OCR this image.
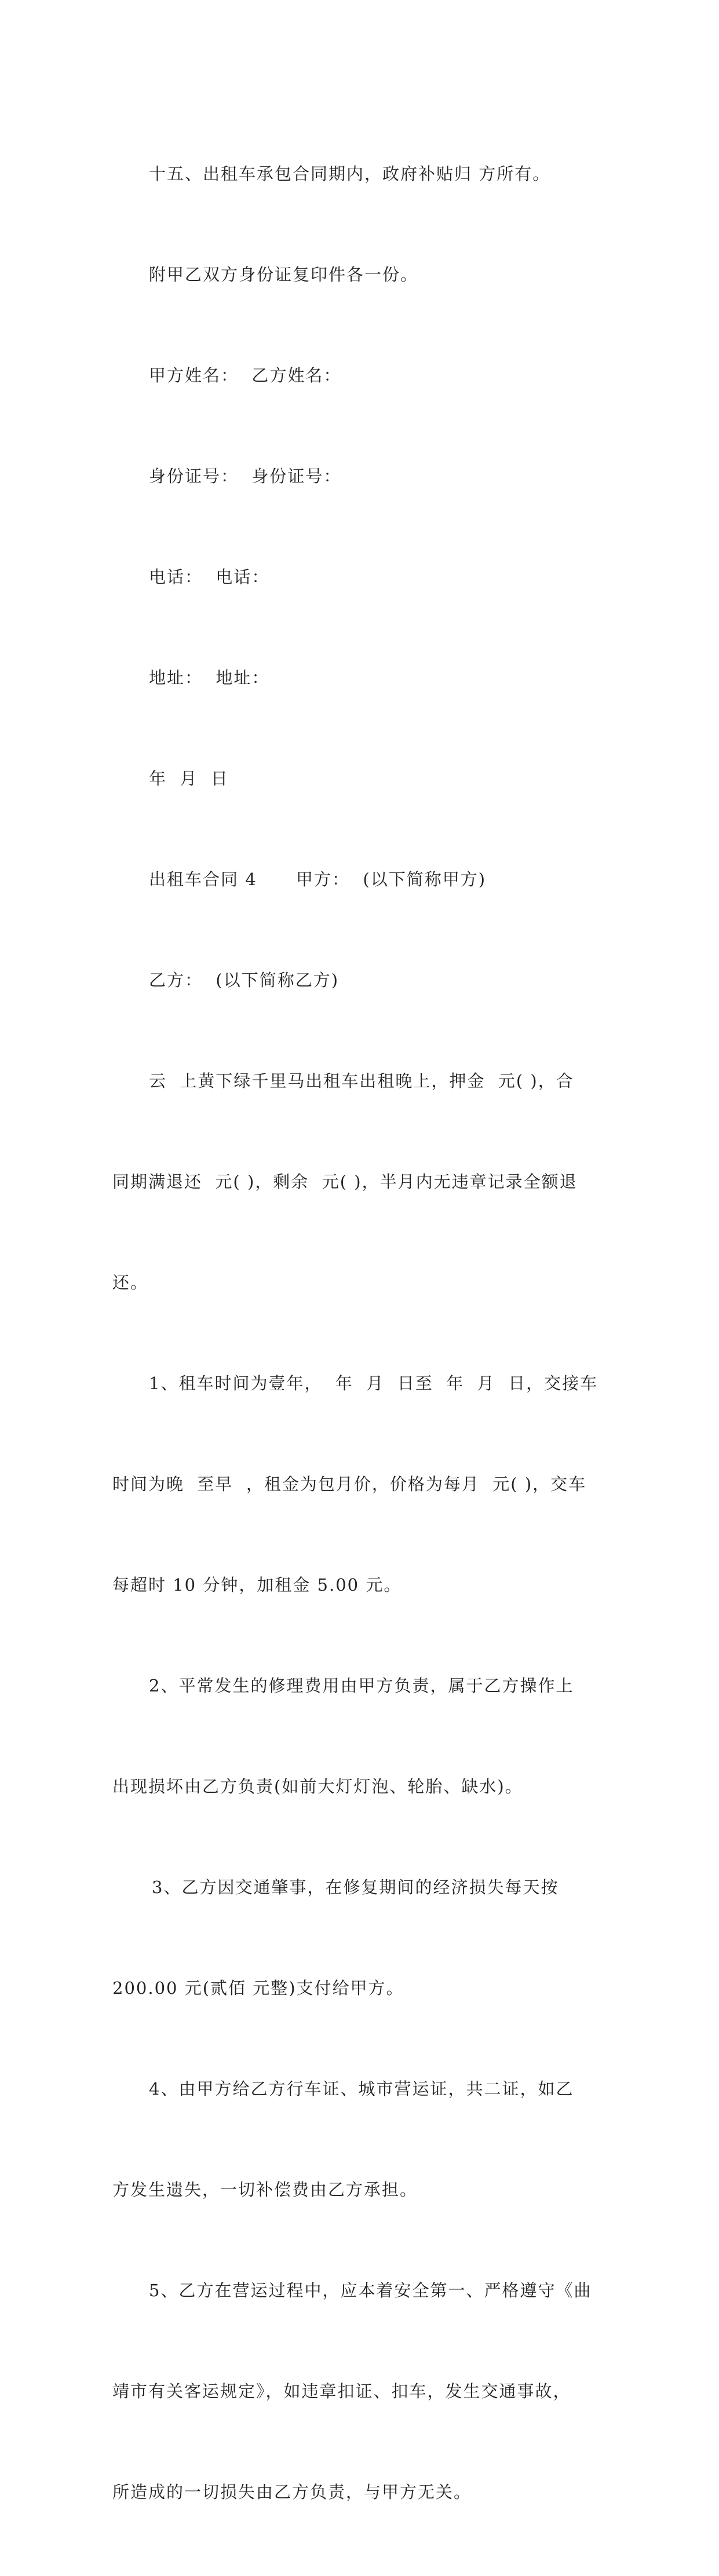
十五、出租车承包合同期内，政府补贴归 方所有。

附甲乙双方身份证复印件各一份。

甲方姓名：  乙方姓名：

身份证号：  身份证号：

电话：  电话：

地址：  地址：

年  月  日

出租车合同 4      甲方：  (以下简称甲方)

乙方：  (以下简称乙方)

云  上黄下绿千里马出租车出租晚上，押金  元( )，合

同期满退还  元( )，剩余  元( )，半月内无违章记录全额退

还。

1、租车时间为壹年，  年  月  日至  年  月  日，交接车

时间为晚  至早  ，租金为包月价，价格为每月  元( )，交车

每超时 10 分钟，加租金 5.00 元。

2、平常发生的修理费用由甲方负责，属于乙方操作上

出现损坏由乙方负责(如前大灯灯泡、轮胎、缺水)。

3、乙方因交通肇事，在修复期间的经济损失每天按

200.00 元(贰佰 元整)支付给甲方。

4、由甲方给乙方行车证、城市营运证，共二证，如乙

方发生遗失，一切补偿费由乙方承担。

5、乙方在营运过程中，应本着安全第一、严格遵守《曲

靖市有关客运规定》，如违章扣证、扣车，发生交通事故，

所造成的一切损失由乙方负责，与甲方无关。
